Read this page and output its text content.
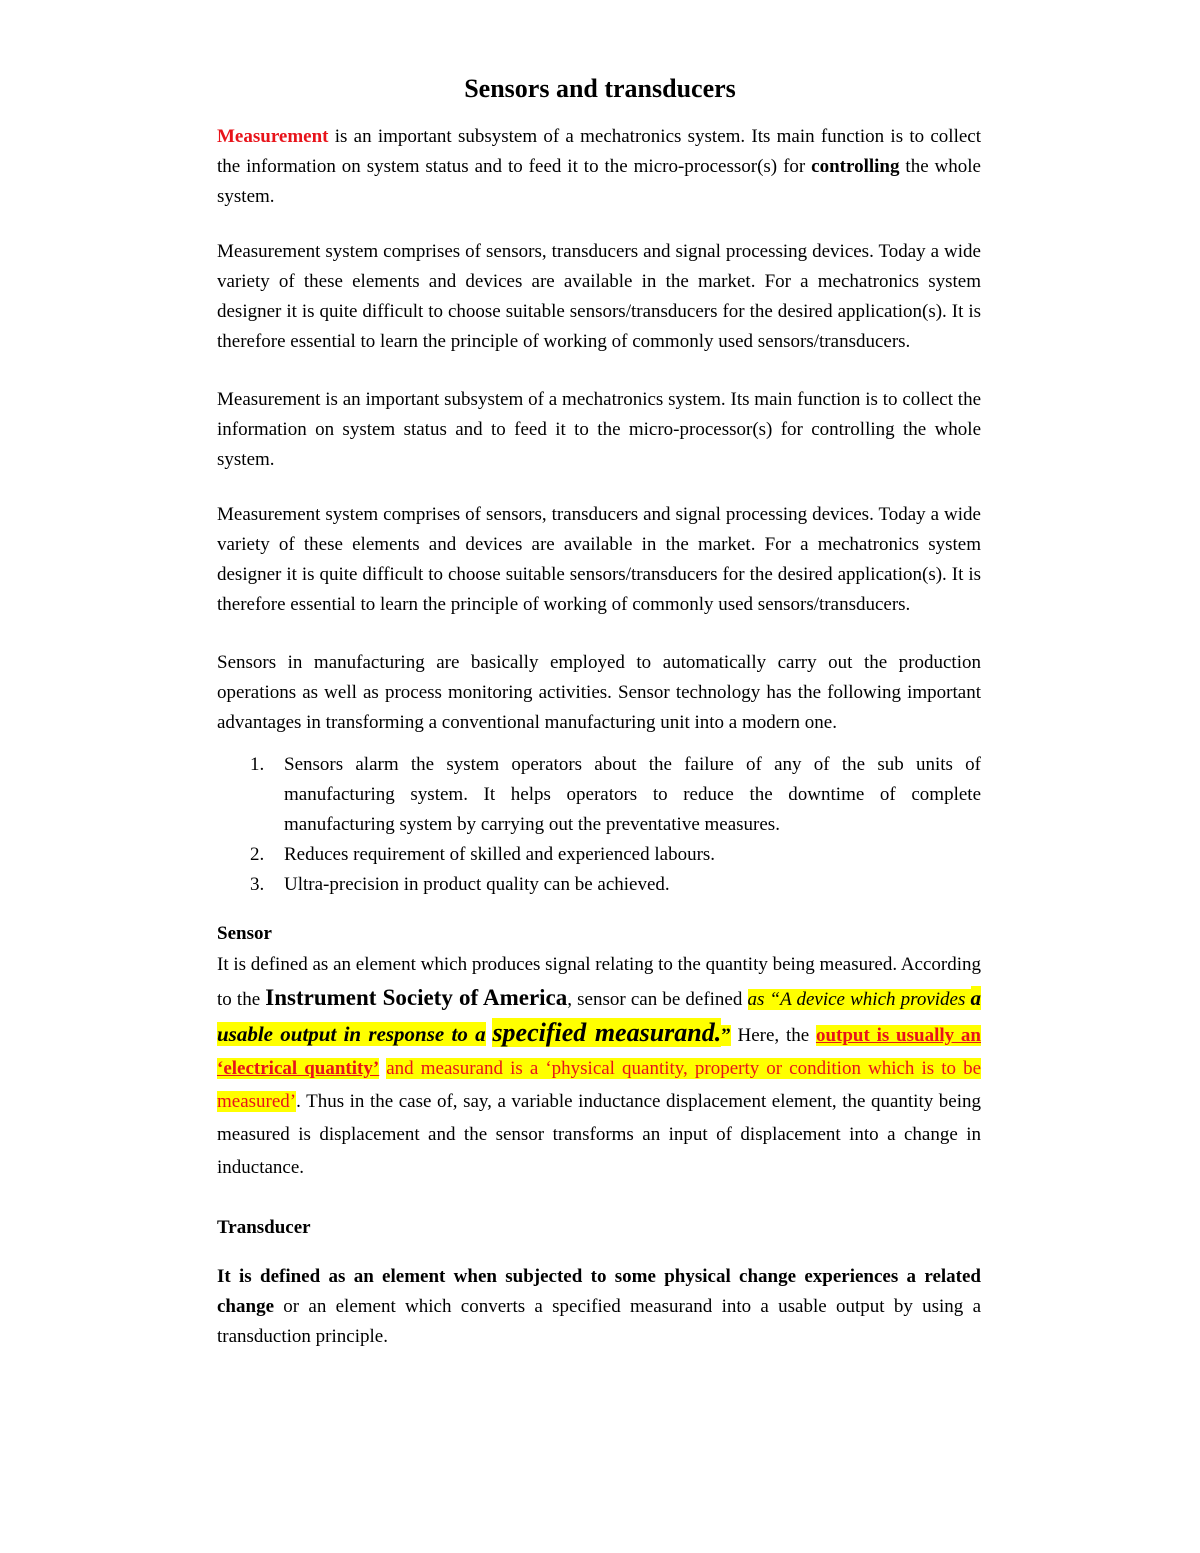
Sensors and transducers

Measurement is an important subsystem of a mechatronics system. Its main function is to collect the information on system status and to feed it to the micro-processor(s) for controlling the whole system.

Measurement system comprises of sensors, transducers and signal processing devices. Today a wide variety of these elements and devices are available in the market. For a mechatronics system designer it is quite difficult to choose suitable sensors/transducers for the desired application(s). It is therefore essential to learn the principle of working of commonly used sensors/transducers.

Measurement is an important subsystem of a mechatronics system. Its main function is to collect the information on system status and to feed it to the micro-processor(s) for controlling the whole system.

Measurement system comprises of sensors, transducers and signal processing devices. Today a wide variety of these elements and devices are available in the market. For a mechatronics system designer it is quite difficult to choose suitable sensors/transducers for the desired application(s). It is therefore essential to learn the principle of working of commonly used sensors/transducers.

Sensors in manufacturing are basically employed to automatically carry out the production operations as well as process monitoring activities. Sensor technology has the following important advantages in transforming a conventional manufacturing unit into a modern one.

1. Sensors alarm the system operators about the failure of any of the sub units of manufacturing system. It helps operators to reduce the downtime of complete manufacturing system by carrying out the preventative measures.
2. Reduces requirement of skilled and experienced labours.
3. Ultra-precision in product quality can be achieved.

Sensor

It is defined as an element which produces signal relating to the quantity being measured. According to the Instrument Society of America, sensor can be defined as “A device which provides a usable output in response to a specified measurand.” Here, the output is usually an ‘electrical quantity’ and measurand is a ‘physical quantity, property or condition which is to be measured’. Thus in the case of, say, a variable inductance displacement element, the quantity being measured is displacement and the sensor transforms an input of displacement into a change in inductance.

Transducer

It is defined as an element when subjected to some physical change experiences a related change or an element which converts a specified measurand into a usable output by using a transduction principle.
